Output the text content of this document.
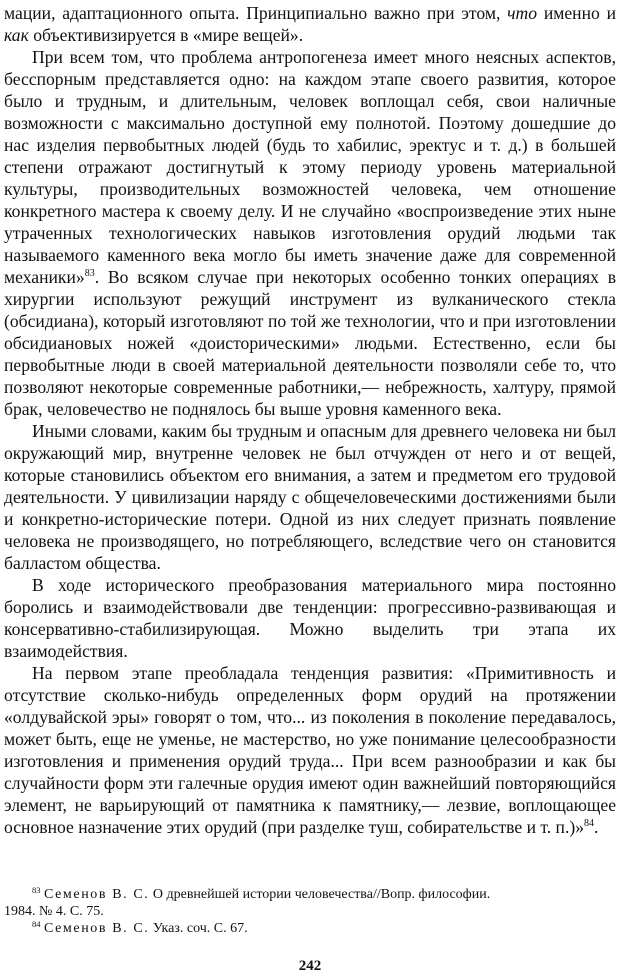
мации, адаптационного опыта. Принципиально важно при этом, что именно и как объективизируется в «мире вещей».

При всем том, что проблема антропогенеза имеет много неясных аспектов, бесспорным представляется одно: на каждом этапе своего развития, которое было и трудным, и длительным, человек воплощал себя, свои наличные возможности с максимально доступной ему полнотой. Поэтому дошедшие до нас изделия первобытных людей (будь то хабилис, эректус и т. д.) в большей степени отражают достигнутый к этому периоду уровень материальной культуры, производительных возможностей человека, чем отношение конкретного мастера к своему делу. И не случайно «воспроизведение этих ныне утраченных технологических навыков изготовления орудий людьми так называемого каменного века могло бы иметь значение даже для современной механики»$^{83}$. Во всяком случае при некоторых особенно тонких операциях в хирургии используют режущий инструмент из вулканического стекла (обсидиана), который изготовляют по той же технологии, что и при изготовлении обсидиановых ножей «доисторическими» людьми. Естественно, если бы первобытные люди в своей материальной деятельности позволяли себе то, что позволяют некоторые современные работники,— небрежность, халтуру, прямой брак, человечество не поднялось бы выше уровня каменного века.

Иными словами, каким бы трудным и опасным для древнего человека ни был окружающий мир, внутренне человек не был отчужден от него и от вещей, которые становились объектом его внимания, а затем и предметом его трудовой деятельности. У цивилизации наряду с общечеловеческими достижениями были и конкретно-исторические потери. Одной из них следует признать появление человека не производящего, но потребляющего, вследствие чего он становится балластом общества.

В ходе исторического преобразования материального мира постоянно боролись и взаимодействовали две тенденции: прогрессивно-развивающая и консервативно-стабилизирующая. Можно выделить три этапа их взаимодействия.

На первом этапе преобладала тенденция развития: «Примитивность и отсутствие сколько-нибудь определенных форм орудий на протяжении «олдувайской эры» говорят о том, что... из поколения в поколение передавалось, может быть, еще не уменье, не мастерство, но уже понимание целесообразности изготовления и применения орудий труда... При всем разнообразии и как бы случайности форм эти галечные орудия имеют один важнейший повторяющийся элемент, не варьирующий от памятника к памятнику,— лезвие, воплощающее основное назначение этих орудий (при разделке туш, собирательстве и т. п.)»$^{84}$.

$^{83}$ Семенов В. С. О древнейшей истории человечества//Вопр. философии.

1984. № 4. С. 75.

$^{84}$ Семенов В. С. Указ. соч. С. 67.

242
